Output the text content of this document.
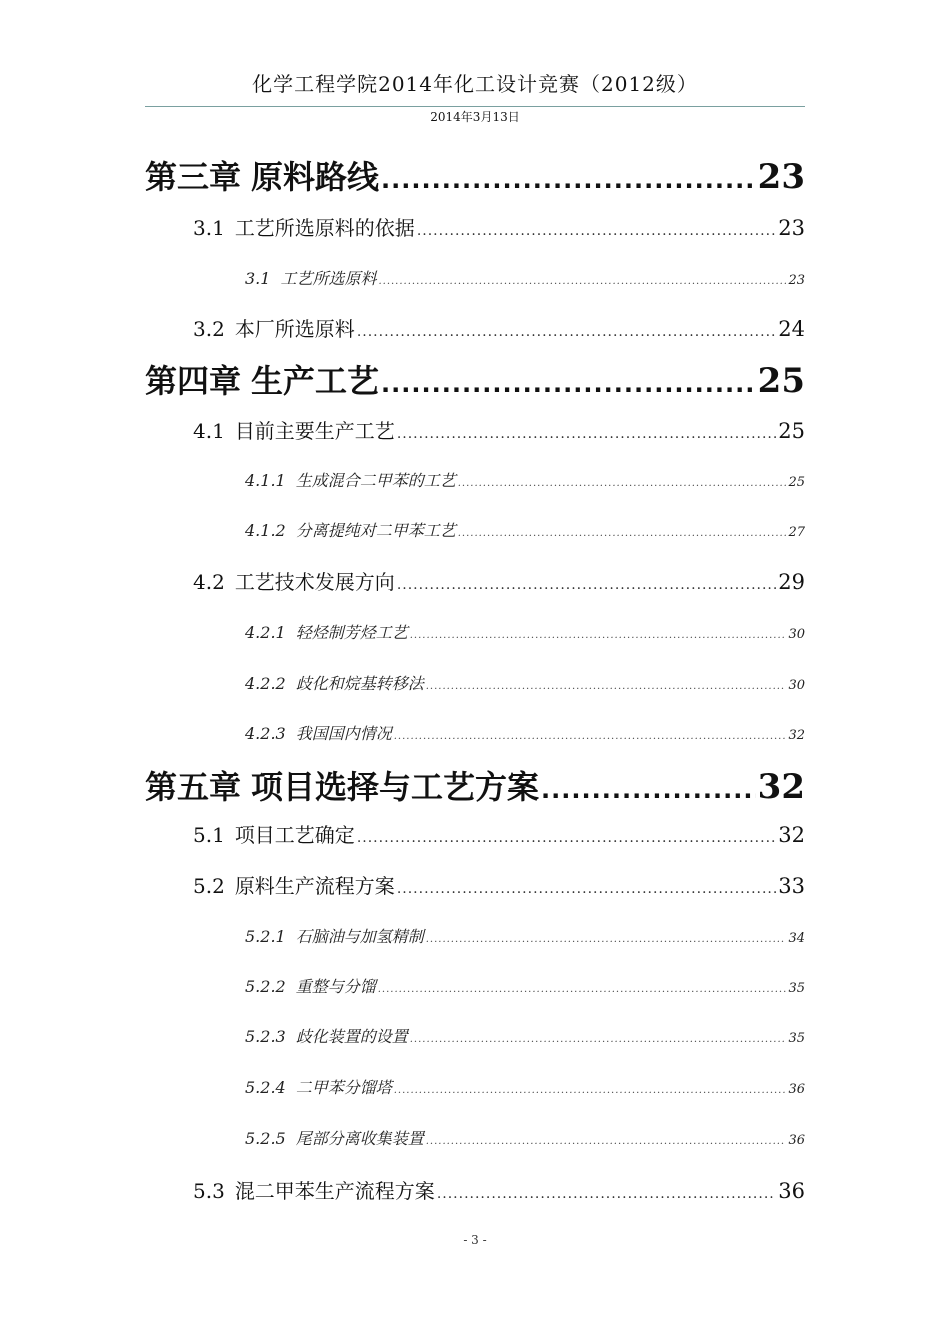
化学工程学院2014年化工设计竞赛（2012级）
2014年3月13日
第三章 原料路线 .....	23
3.1 工艺所选原料的依据 .....	23
3.1 工艺所选原料 .....	23
3.2 本厂所选原料 .....	24
第四章 生产工艺 .....	25
4.1 目前主要生产工艺 .....	25
4.1.1 生成混合二甲苯的工艺 .....	25
4.1.2 分离提纯对二甲苯工艺 .....	27
4.2 工艺技术发展方向 .....	29
4.2.1 轻烃制芳烃工艺 .....	30
4.2.2 歧化和烷基转移法 .....	30
4.2.3 我国国内情况 .....	32
第五章 项目选择与工艺方案 .....	32
5.1 项目工艺确定 .....	32
5.2 原料生产流程方案 .....	33
5.2.1 石脑油与加氢精制 .....	34
5.2.2 重整与分馏 .....	35
5.2.3 歧化装置的设置 .....	35
5.2.4 二甲苯分馏塔 .....	36
5.2.5 尾部分离收集装置 .....	36
5.3 混二甲苯生产流程方案 .....	36
- 3 -
